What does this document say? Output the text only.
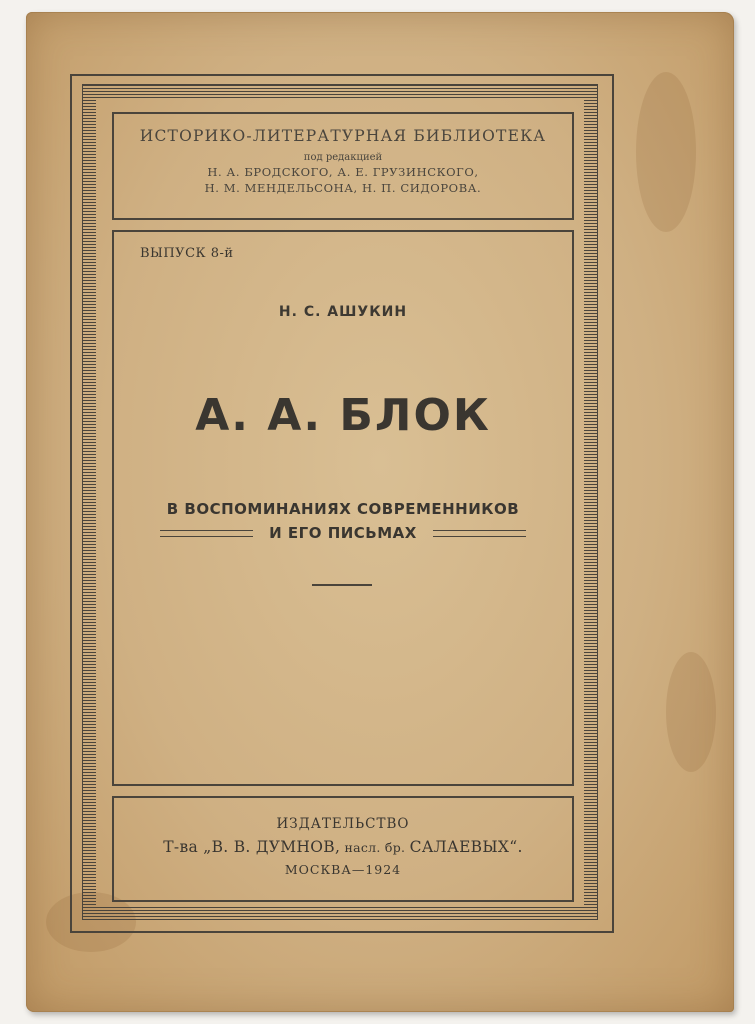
ИСТОРИКО-ЛИТЕРАТУРНАЯ БИБЛИОТЕКА
под редакцией
Н. А. БРОДСКОГО, А. Е. ГРУЗИНСКОГО,
Н. М. МЕНДЕЛЬСОНА, Н. П. СИДОРОВА.
ВЫПУСК 8-й
Н. С. АШУКИН
А. А. БЛОК
В ВОСПОМИНАНИЯХ СОВРЕМЕННИКОВ
И ЕГО ПИСЬМАХ
ИЗДАТЕЛЬСТВО
Т-ва „В. В. ДУМНОВ, насл. бр. САЛАЕВЫХ“.
МОСКВА—1924
